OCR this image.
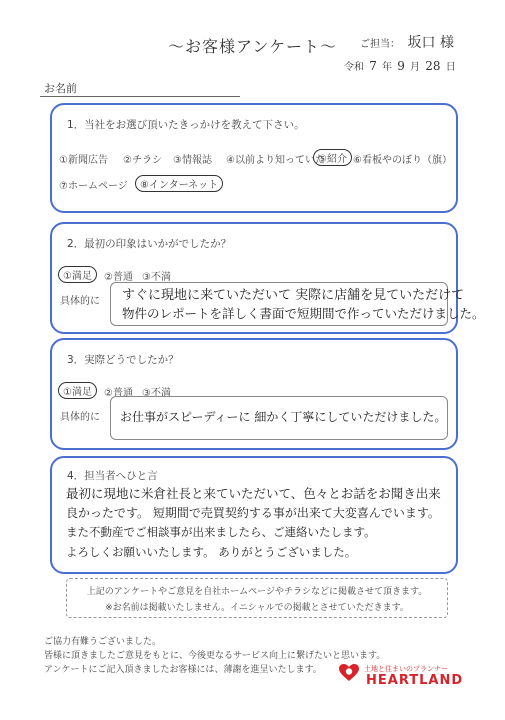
～お客様アンケート～	ご担当： 坂口 様
令和 7 年 9 月 28 日
お名前
1．当社をお選び頂いたきっかけを教えて下さい。
①新聞広告 ②チラシ ③情報誌 ④以前より知っていた
⑤紹介 ⑥看板やのぼり（旗）
⑦ホームページ	⑧インターネット
2．最初の印象はいかがでしたか？
①満足	②普通 ③不満
具体的に すぐに現地に来ていただいて 実際に店舗を見ていただけて
物件のレポートを詳しく書面で短期間で作っていただけました。
3．実際どうでしたか？
①満足	②普通 ③不満
具体的に お仕事がスピーディーに 細かく丁寧にしていただけました。
4．担当者へひと言
最初に現地に米倉社長と来ていただいて、色々とお話をお聞き出来
良かったです。 短期間で売買契約する事が出来て大変喜んでいます。
また不動産でご相談事が出来ましたら、ご連絡いたします。
よろしくお願いいたします。 ありがとうございました。
上記のアンケートやご意見を自社ホームページやチラシなどに掲載させて頂きます。
※お名前は掲載いたしません。イニシャルでの掲載とさせていただきます。
ご協力有難うございました。
皆様に頂きましたご意見をもとに、今後更なるサービス向上に繋げたいと思います。
アンケートにご記入頂きましたお客様には、薄謝を進呈いたします。	土地と住まいのプランナー
HEARTLAND
